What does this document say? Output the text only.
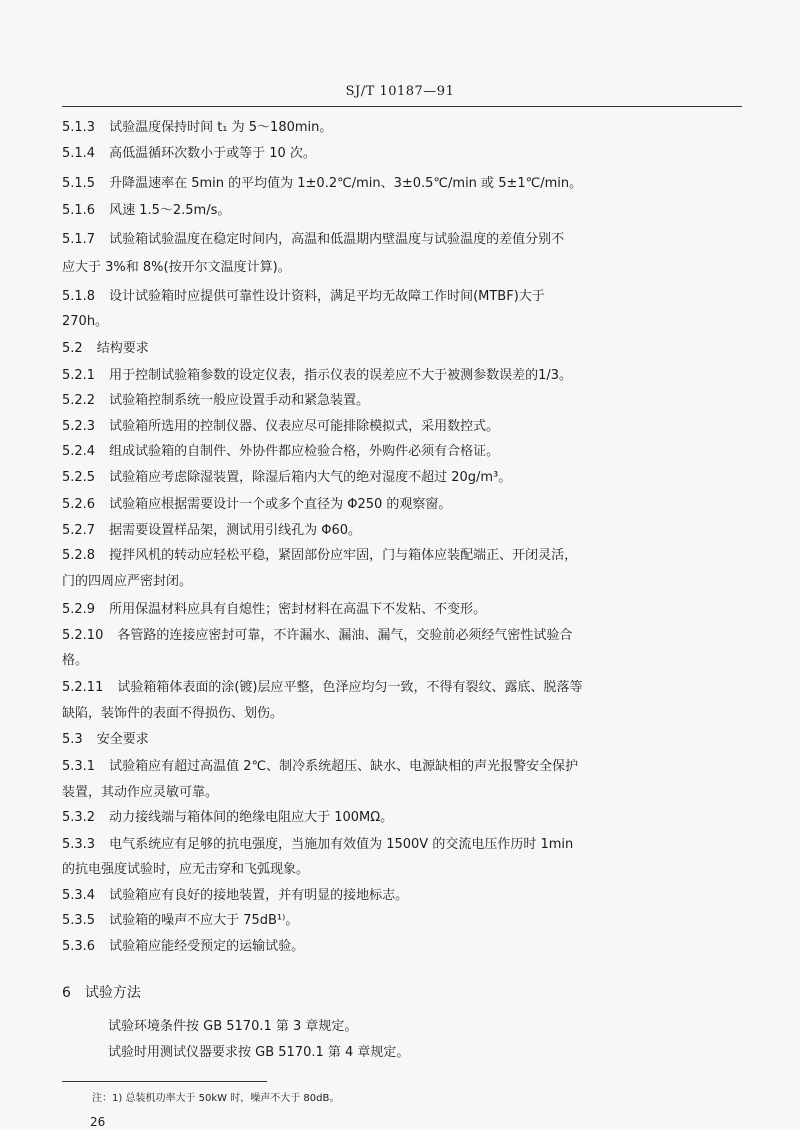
SJ/T 10187—91
5.1.3 试验温度保持时间 t₁ 为 5～180min。
5.1.4 高低温循环次数小于或等于 10 次。
5.1.5 升降温速率在 5min 的平均值为 1±0.2℃/min、3±0.5℃/min 或 5±1℃/min。
5.1.6 风速 1.5～2.5m/s。
5.1.7 试验箱试验温度在稳定时间内，高温和低温期内壁温度与试验温度的差值分别不
应大于 3%和 8%(按开尔文温度计算)。
5.1.8 设计试验箱时应提供可靠性设计资料，满足平均无故障工作时间(MTBF)大于
270h。
5.2 结构要求
5.2.1 用于控制试验箱参数的设定仪表，指示仪表的误差应不大于被测参数误差的1/3。
5.2.2 试验箱控制系统一般应设置手动和紧急装置。
5.2.3 试验箱所选用的控制仪器、仪表应尽可能排除模拟式，采用数控式。
5.2.4 组成试验箱的自制件、外协件都应检验合格，外购件必须有合格证。
5.2.5 试验箱应考虑除湿装置，除湿后箱内大气的绝对湿度不超过 20g/m³。
5.2.6 试验箱应根据需要设计一个或多个直径为 Φ250 的观察窗。
5.2.7 据需要设置样品架，测试用引线孔为 Φ60。
5.2.8 搅拌风机的转动应轻松平稳，紧固部份应牢固，门与箱体应装配端正、开闭灵活，
门的四周应严密封闭。
5.2.9 所用保温材料应具有自熄性；密封材料在高温下不发粘、不变形。
5.2.10 各管路的连接应密封可靠，不许漏水、漏油、漏气，交验前必须经气密性试验合
格。
5.2.11 试验箱箱体表面的涂(镀)层应平整，色泽应均匀一致，不得有裂纹、露底、脱落等
缺陷，装饰件的表面不得损伤、划伤。
5.3 安全要求
5.3.1 试验箱应有超过高温值 2℃、制冷系统超压、缺水、电源缺相的声光报警安全保护
装置，其动作应灵敏可靠。
5.3.2 动力接线端与箱体间的绝缘电阻应大于 100MΩ。
5.3.3 电气系统应有足够的抗电强度，当施加有效值为 1500V 的交流电压作历时 1min
的抗电强度试验时，应无击穿和飞弧现象。
5.3.4 试验箱应有良好的接地装置，并有明显的接地标志。
5.3.5 试验箱的噪声不应大于 75dB¹⁾。
5.3.6 试验箱应能经受预定的运输试验。
6 试验方法
试验环境条件按 GB 5170.1 第 3 章规定。
试验时用测试仪器要求按 GB 5170.1 第 4 章规定。
注：1) 总装机功率大于 50kW 时，噪声不大于 80dB。
26
